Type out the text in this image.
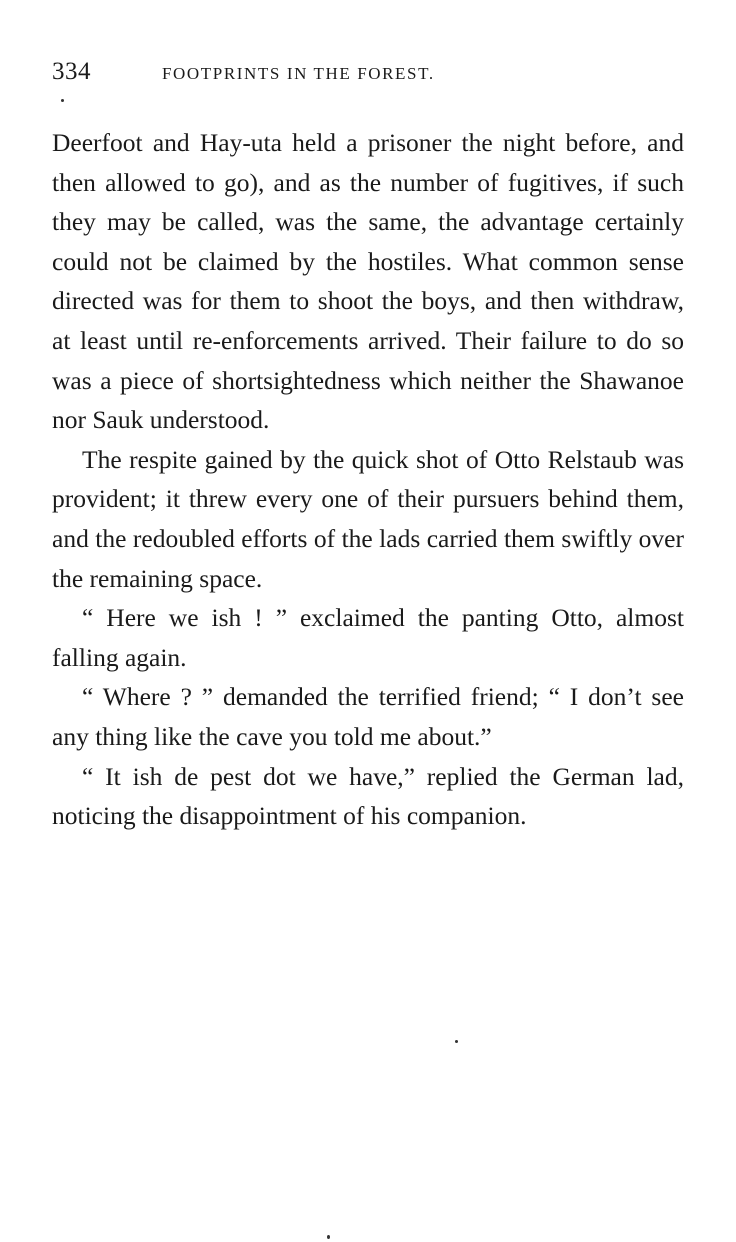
334	FOOTPRINTS IN THE FOREST.

Deerfoot and Hay-uta held a prisoner the night before, and then allowed to go), and as the number of fugitives, if such they may be called, was the same, the advantage certainly could not be claimed by the hostiles. What common sense directed was for them to shoot the boys, and then withdraw, at least until re-enforcements arrived. Their failure to do so was a piece of shortsightedness which neither the Shawanoe nor Sauk understood.

The respite gained by the quick shot of Otto Relstaub was provident; it threw every one of their pursuers behind them, and the redoubled efforts of the lads carried them swiftly over the remaining space.

“ Here we ish ! ” exclaimed the panting Otto, almost falling again.

“ Where ? ” demanded the terrified friend; “ I don’t see any thing like the cave you told me about.”

“ It ish de pest dot we have,” replied the German lad, noticing the disappointment of his companion.
